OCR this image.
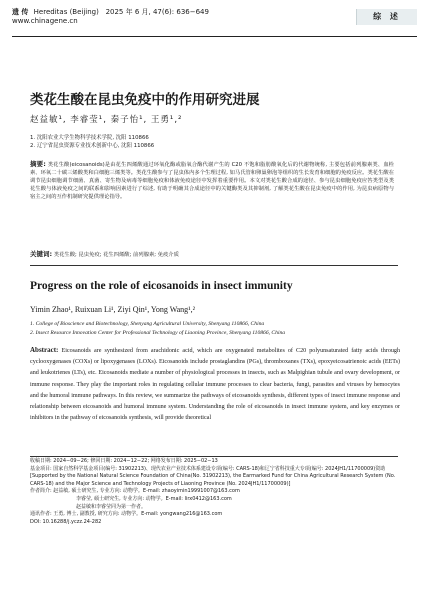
遗 传 Hereditas (Beijing) 2025 年 6 月, 47(6): 636−649
www.chinagene.cn	综 述
类花生酸在昆虫免疫中的作用研究进展
赵益敏¹, 李睿莹¹, 秦子怡¹, 王勇¹,²
1. 沈阳农业大学生物科学技术学院, 沈阳 110866
2. 辽宁省昆虫资源专业技术创新中心, 沈阳 110866
摘要: 类花生酸(eicosanoids)是由花生四烯酸通过环氧化酶或脂氧合酶代谢产生的 C20 不饱和脂肪酸氧化后的代谢物统称, 主要包括前列腺素类、血栓素、环氧二十碳三烯酸类和白细胞三烯类等。类花生酸参与了昆虫体内多个生理过程, 如马氏管和卵巢卵泡等组织的生长发育和细胞的免疫反应。类花生酸在调节昆虫细胞调节细菌、真菌、寄生物及病毒等细胞免疫和体液免疫途径中发挥着重要作用。本文对类花生酸合成的途径、参与昆虫细胞免疫应答类型及类花生酸与体液免疫之间的联系和影响因素进行了综述, 有助于明确其合成途径中的关键酶类及其抑制剂, 了解类花生酸在昆虫免疫中的作用, 为昆虫病原物与宿主之间的互作机制研究提供理论指导。
关键词: 类花生酸; 昆虫免疫; 花生四烯酸; 前列腺素; 免疫介质
Progress on the role of eicosanoids in insect immunity
Yimin Zhao¹, Ruixuan Li¹, Ziyi Qin¹, Yong Wang¹,²
1. College of Bioscience and Biotechnology, Shenyang Agricultural University, Shenyang 110866, China
2. Insect Resource Innovation Center for Professional Technology of Liaoning Province, Shenyang 110866, China
Abstract: Eicosanoids are synthesized from arachidonic acid, which are oxygenated metabolites of C20 polyunsaturated fatty acids through cyclooxygenases (COXs) or lipoxygenases (LOXs). Eicosanoids include prostaglandins (PGs), thromboxanes (TXs), epoxyeicosatrienoic acids (EETs) and leukotrienes (LTs), etc. Eicosanoids mediate a number of physiological processes in insects, such as Malpighian tubule and ovary development, or immune response. They play the important roles in regulating cellular immune processes to clear bacteria, fungi, parasites and viruses by hemocytes and the humoral immune pathways. In this review, we summarize the pathways of eicosanoids synthesis, different types of insect immune response and relationship between eicosanoids and humoral immune system. Understanding the role of eicosanoids in insect immune system, and key enzymes or inhibitors in the pathway of eicosanoids synthesis, will provide theoretical

收稿日期: 2024−09−26; 修回日期: 2024−12−22; 网络发布日期: 2025−02−13

基金项目: 国家自然科学基金项目(编号: 31902213)、现代农业产业技术体系建设专项(编号: CARS-18)和辽宁省科技重大专项(编号: 2024JH1/11700009)资助[Supported by the National Natural Science Foundation of China(No. 31902213), the Earmarked Fund for China Agricultural Research System (No. CARS-18) and the Major Science and Technology Projects of Liaoning Province (No. 2024JH1/11700009)]

作者简介: 赵益敏, 硕士研究生, 专业方向: 动物学。E-mail: zhaoyimin19991007@163.com

李睿莹, 硕士研究生, 专业方向: 动物学。E-mail: lirx0412@163.com

赵益敏和李睿莹同为第一作者。

通讯作者: 王勇, 博士, 副教授, 研究方向: 动物学。E-mail: yongwang216@163.com

DOI: 10.16288/j.yczz.24-282
